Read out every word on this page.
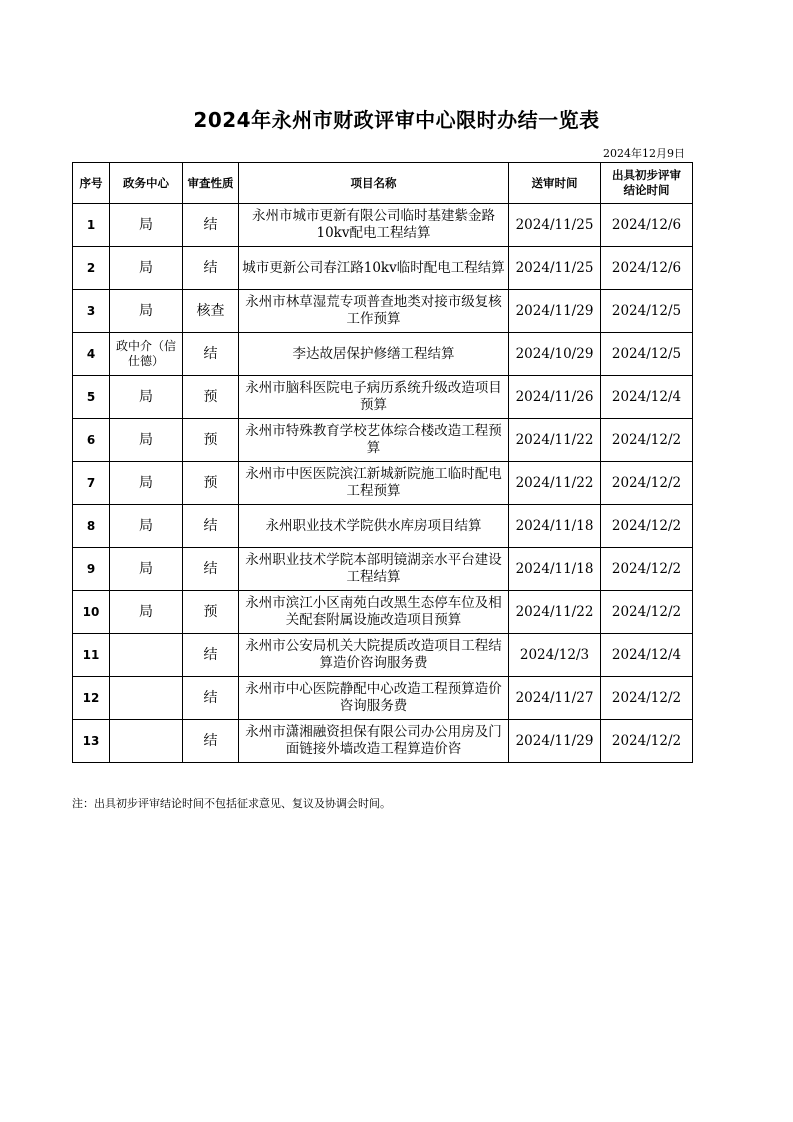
2024年永州市财政评审中心限时办结一览表
2024年12月9日
序号	政务中心	审查性质	项目名称	送审时间	出具初步评审
结论时间
1	局	结	永州市城市更新有限公司临时基建紫金路10kv配电工程结算	2024/11/25	2024/12/6
2	局	结	城市更新公司春江路10kv临时配电工程结算	2024/11/25	2024/12/6
3	局	核查	永州市林草湿荒专项普查地类对接市级复核工作预算	2024/11/29	2024/12/5
4	政中介（信仕德）	结	李达故居保护修缮工程结算	2024/10/29	2024/12/5
5	局	预	永州市脑科医院电子病历系统升级改造项目预算	2024/11/26	2024/12/4
6	局	预	永州市特殊教育学校艺体综合楼改造工程预算	2024/11/22	2024/12/2
7	局	预	永州市中医医院滨江新城新院施工临时配电工程预算	2024/11/22	2024/12/2
8	局	结	永州职业技术学院供水库房项目结算	2024/11/18	2024/12/2
9	局	结	永州职业技术学院本部明镜湖亲水平台建设工程结算	2024/11/18	2024/12/2
10	局	预	永州市滨江小区南苑白改黑生态停车位及相关配套附属设施改造项目预算	2024/11/22	2024/12/2
11		结	永州市公安局机关大院提质改造项目工程结算造价咨询服务费	2024/12/3	2024/12/4
12		结	永州市中心医院静配中心改造工程预算造价咨询服务费	2024/11/27	2024/12/2
13		结	永州市潇湘融资担保有限公司办公用房及门面链接外墙改造工程算造价咨	2024/11/29	2024/12/2
注：出具初步评审结论时间不包括征求意见、复议及协调会时间。
